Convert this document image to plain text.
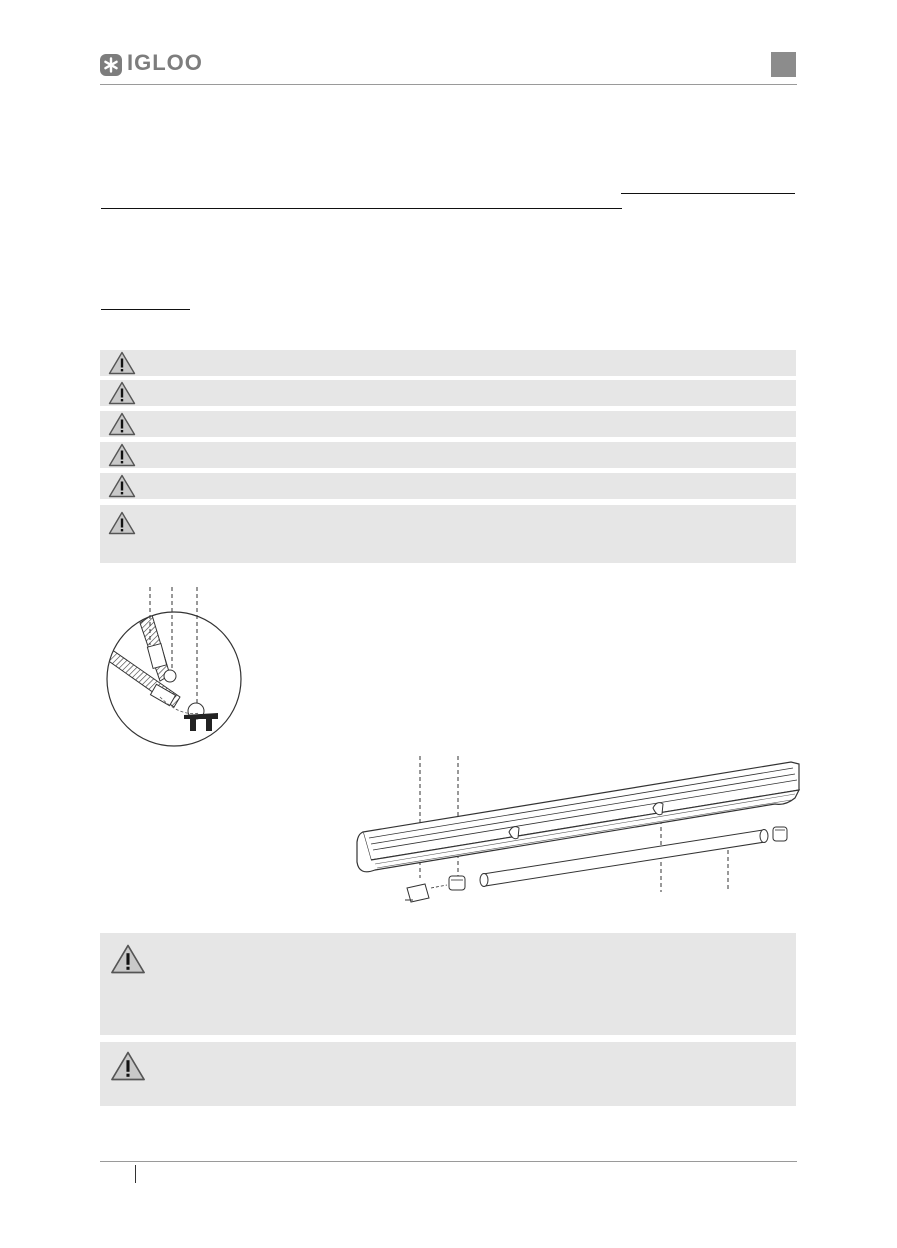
IGLOO
